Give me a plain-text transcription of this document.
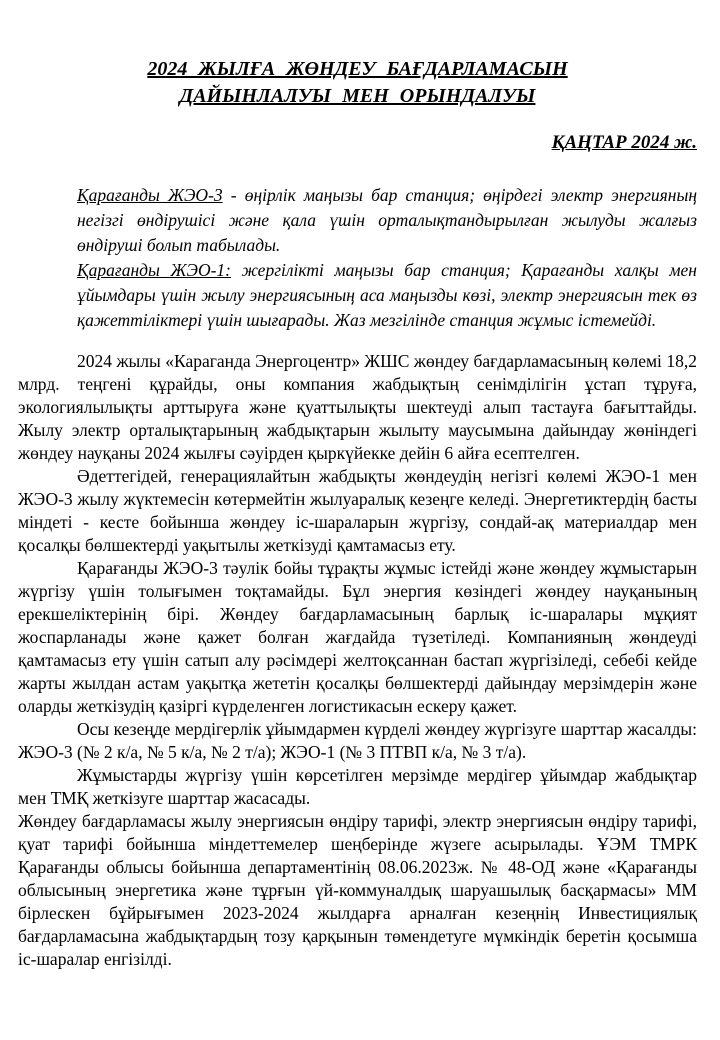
2024 ЖЫЛҒА ЖӨНДЕУ БАҒДАРЛАМАСЫН
ДАЙЫНЛАЛУЫ МЕН ОРЫНДАЛУЫ
ҚАҢТАР 2024 ж.

Қарағанды ЖЭО-3 - өңірлік маңызы бар станция; өңірдегі электр энергияның негізгі өндірушісі және қала үшін орталықтандырылған жылуды жалғыз өндіруші болып табылады.

Қарағанды ЖЭО-1: жергілікті маңызы бар станция; Қарағанды халқы мен ұйымдары үшін жылу энергиясының аса маңызды көзі, электр энергиясын тек өз қажеттіліктері үшін шығарады. Жаз мезгілінде станция жұмыс істемейді.

2024 жылы «Караганда Энергоцентр» ЖШС жөндеу бағдарламасының көлемі 18,2 млрд. теңгені құрайды, оны компания жабдықтың сенімділігін ұстап тұруға, экологиялылықты арттыруға және қуаттылықты шектеуді алып тастауға бағыттайды. Жылу электр орталықтарының жабдықтарын жылыту маусымына дайындау жөніндегі жөндеу науқаны 2024 жылғы сәуірден қыркүйекке дейін 6 айға есептелген.

Әдеттегідей, генерациялайтын жабдықты жөндеудің негізгі көлемі ЖЭО-1 мен ЖЭО-3 жылу жүктемесін көтермейтін жылуаралық кезеңге келеді. Энергетиктердің басты міндеті - кесте бойынша жөндеу іс-шараларын жүргізу, сондай-ақ материалдар мен қосалқы бөлшектерді уақытылы жеткізуді қамтамасыз ету.

Қарағанды ЖЭО-3 тәулік бойы тұрақты жұмыс істейді және жөндеу жұмыстарын жүргізу үшін толығымен тоқтамайды. Бұл энергия көзіндегі жөндеу науқанының ерекшеліктерінің бірі. Жөндеу бағдарламасының барлық іс-шаралары мұқият жоспарланады және қажет болған жағдайда түзетіледі. Компанияның жөндеуді қамтамасыз ету үшін сатып алу рәсімдері желтоқсаннан бастап жүргізіледі, себебі кейде жарты жылдан астам уақытқа жететін қосалқы бөлшектерді дайындау мерзімдерін және оларды жеткізудің қазіргі күрделенген логистикасын ескеру қажет.

Осы кезеңде мердігерлік ұйымдармен күрделі жөндеу жүргізуге шарттар жасалды: ЖЭО-3 (№ 2 к/а, № 5 к/а, № 2 т/а); ЖЭО-1 (№ 3 ПТВП к/а, № 3 т/а).

Жұмыстарды жүргізу үшін көрсетілген мерзімде мердігер ұйымдар жабдықтар мен ТМҚ жеткізуге шарттар жасасады.

Жөндеу бағдарламасы жылу энергиясын өндіру тарифі, электр энергиясын өндіру тарифі, қуат тарифі бойынша міндеттемелер шеңберінде жүзеге асырылады. ҰЭМ ТМРК Қарағанды облысы бойынша департаментінің 08.06.2023ж. № 48-ОД және «Қарағанды облысының энергетика және тұрғын үй-коммуналдық шаруашылық басқармасы» ММ бірлескен бұйрығымен 2023-2024 жылдарға арналған кезеңнің Инвестициялық бағдарламасына жабдықтардың тозу қарқынын төмендетуге мүмкіндік беретін қосымша іс-шаралар енгізілді.
